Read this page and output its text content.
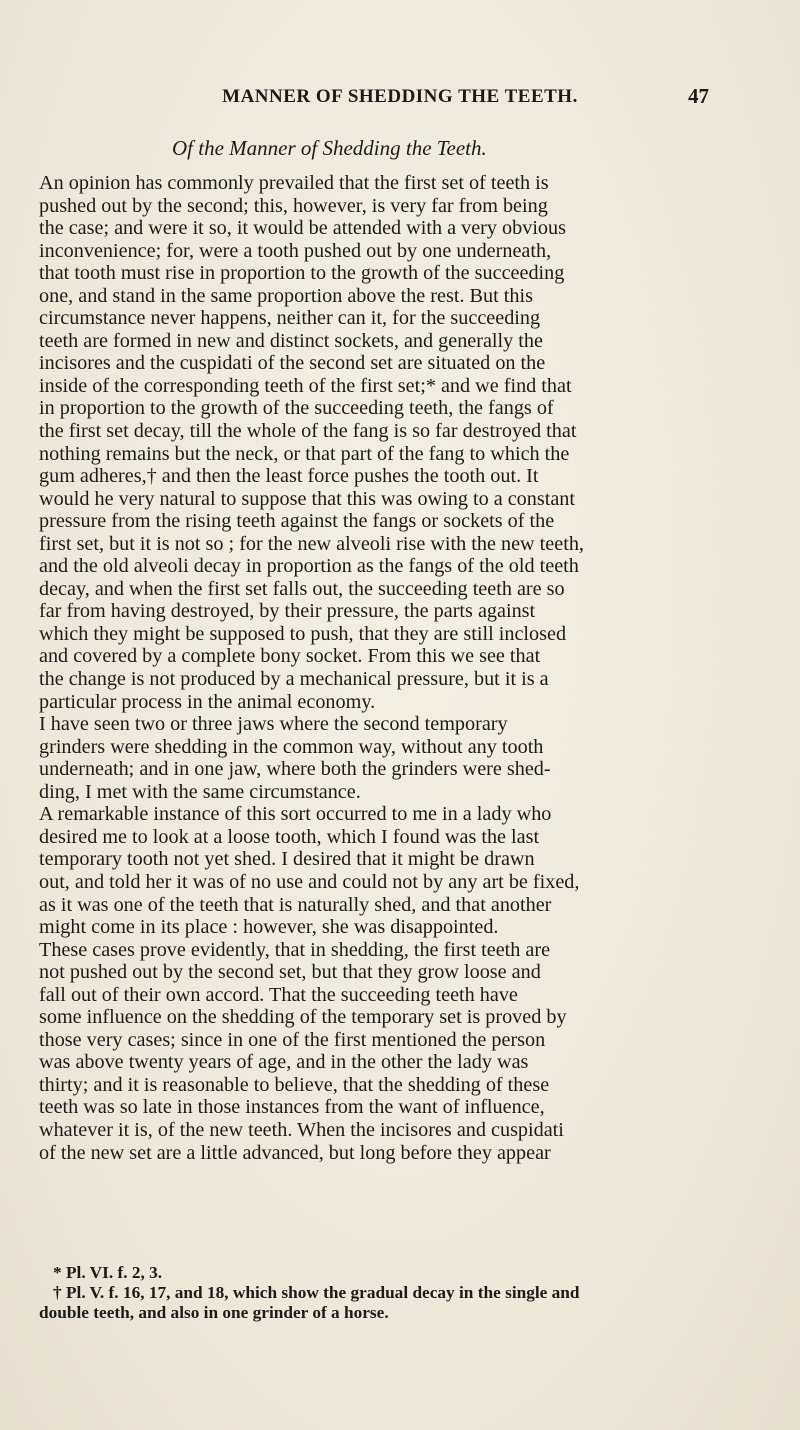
MANNER OF SHEDDING THE TEETH.	47
Of the Manner of Shedding the Teeth.
An opinion has commonly prevailed that the first set of teeth is
pushed out by the second; this, however, is very far from being
the case; and were it so, it would be attended with a very obvious
inconvenience; for, were a tooth pushed out by one underneath,
that tooth must rise in proportion to the growth of the succeeding
one, and stand in the same proportion above the rest. But this
circumstance never happens, neither can it, for the succeeding
teeth are formed in new and distinct sockets, and generally the
incisores and the cuspidati of the second set are situated on the
inside of the corresponding teeth of the first set;* and we find that
in proportion to the growth of the succeeding teeth, the fangs of
the first set decay, till the whole of the fang is so far destroyed that
nothing remains but the neck, or that part of the fang to which the
gum adheres,† and then the least force pushes the tooth out. It
would he very natural to suppose that this was owing to a constant
pressure from the rising teeth against the fangs or sockets of the
first set, but it is not so ; for the new alveoli rise with the new teeth,
and the old alveoli decay in proportion as the fangs of the old teeth
decay, and when the first set falls out, the succeeding teeth are so
far from having destroyed, by their pressure, the parts against
which they might be supposed to push, that they are still inclosed
and covered by a complete bony socket. From this we see that
the change is not produced by a mechanical pressure, but it is a
particular process in the animal economy.
I have seen two or three jaws where the second temporary
grinders were shedding in the common way, without any tooth
underneath; and in one jaw, where both the grinders were shed-
ding, I met with the same circumstance.
A remarkable instance of this sort occurred to me in a lady who
desired me to look at a loose tooth, which I found was the last
temporary tooth not yet shed. I desired that it might be drawn
out, and told her it was of no use and could not by any art be fixed,
as it was one of the teeth that is naturally shed, and that another
might come in its place : however, she was disappointed.
These cases prove evidently, that in shedding, the first teeth are
not pushed out by the second set, but that they grow loose and
fall out of their own accord. That the succeeding teeth have
some influence on the shedding of the temporary set is proved by
those very cases; since in one of the first mentioned the person
was above twenty years of age, and in the other the lady was
thirty; and it is reasonable to believe, that the shedding of these
teeth was so late in those instances from the want of influence,
whatever it is, of the new teeth. When the incisores and cuspidati
of the new set are a little advanced, but long before they appear
* Pl. VI. f. 2, 3.
† Pl. V. f. 16, 17, and 18, which show the gradual decay in the single and
double teeth, and also in one grinder of a horse.
